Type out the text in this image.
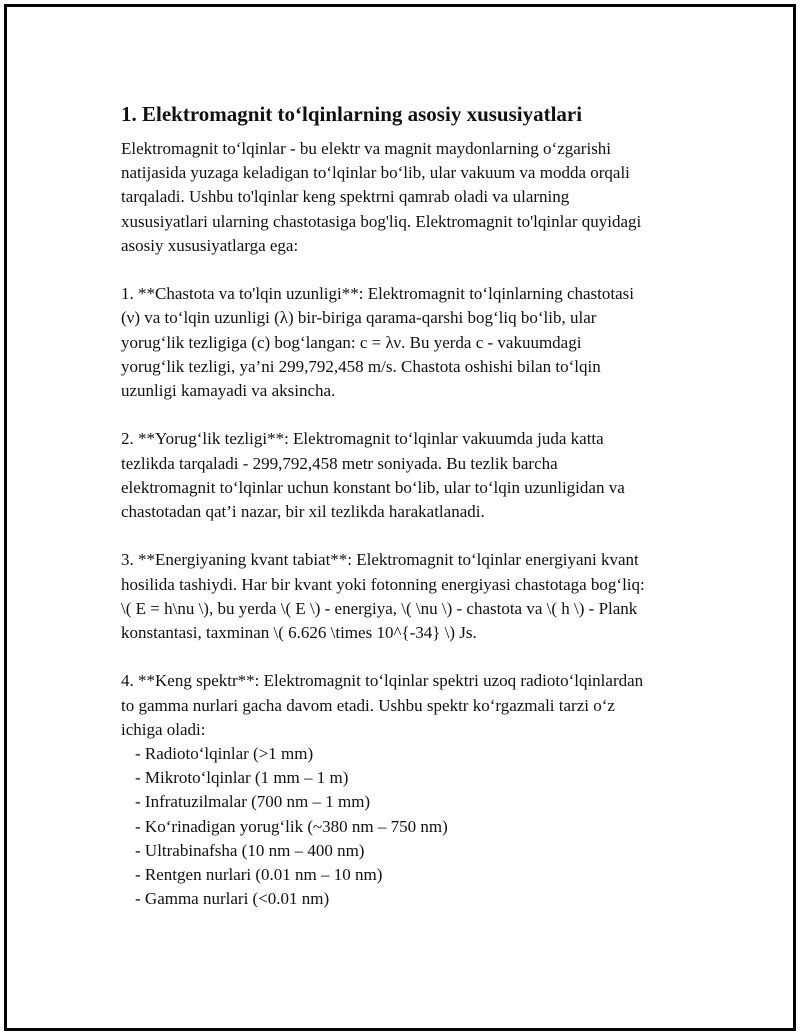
1. Elektromagnit to‘lqinlarning asosiy xususiyatlari

Elektromagnit to‘lqinlar - bu elektr va magnit maydonlarning o‘zgarishi
natijasida yuzaga keladigan to‘lqinlar bo‘lib, ular vakuum va modda orqali
tarqaladi. Ushbu to'lqinlar keng spektrni qamrab oladi va ularning
xususiyatlari ularning chastotasiga bog'liq. Elektromagnit to'lqinlar quyidagi
asosiy xususiyatlarga ega:

1. **Chastota va to'lqin uzunligi**: Elektromagnit to‘lqinlarning chastotasi
(ν) va to‘lqin uzunligi (λ) bir-biriga qarama-qarshi bog‘liq bo‘lib, ular
yorug‘lik tezligiga (c) bog‘langan: c = λν. Bu yerda c - vakuumdagi
yorug‘lik tezligi, ya’ni 299,792,458 m/s. Chastota oshishi bilan to‘lqin
uzunligi kamayadi va aksincha.

2. **Yorug‘lik tezligi**: Elektromagnit to‘lqinlar vakuumda juda katta
tezlikda tarqaladi - 299,792,458 metr soniyada. Bu tezlik barcha
elektromagnit to‘lqinlar uchun konstant bo‘lib, ular to‘lqin uzunligidan va
chastotadan qat’i nazar, bir xil tezlikda harakatlanadi.

3. **Energiyaning kvant tabiat**: Elektromagnit to‘lqinlar energiyani kvant
hosilida tashiydi. Har bir kvant yoki fotonning energiyasi chastotaga bog‘liq:
\( E = h\nu \), bu yerda \( E \) - energiya, \( \nu \) - chastota va \( h \) - Plank
konstantasi, taxminan \( 6.626 \times 10^{-34} \) Js.

4. **Keng spektr**: Elektromagnit to‘lqinlar spektri uzoq radioto‘lqinlardan
to gamma nurlari gacha davom etadi. Ushbu spektr ko‘rgazmali tarzi o‘z
ichiga oladi:

- Radioto‘lqinlar (>1 mm)
- Mikroto‘lqinlar (1 mm – 1 m)
- Infratuzilmalar (700 nm – 1 mm)
- Ko‘rinadigan yorug‘lik (~380 nm – 750 nm)
- Ultrabinafsha (10 nm – 400 nm)
- Rentgen nurlari (0.01 nm – 10 nm)
- Gamma nurlari (<0.01 nm)
